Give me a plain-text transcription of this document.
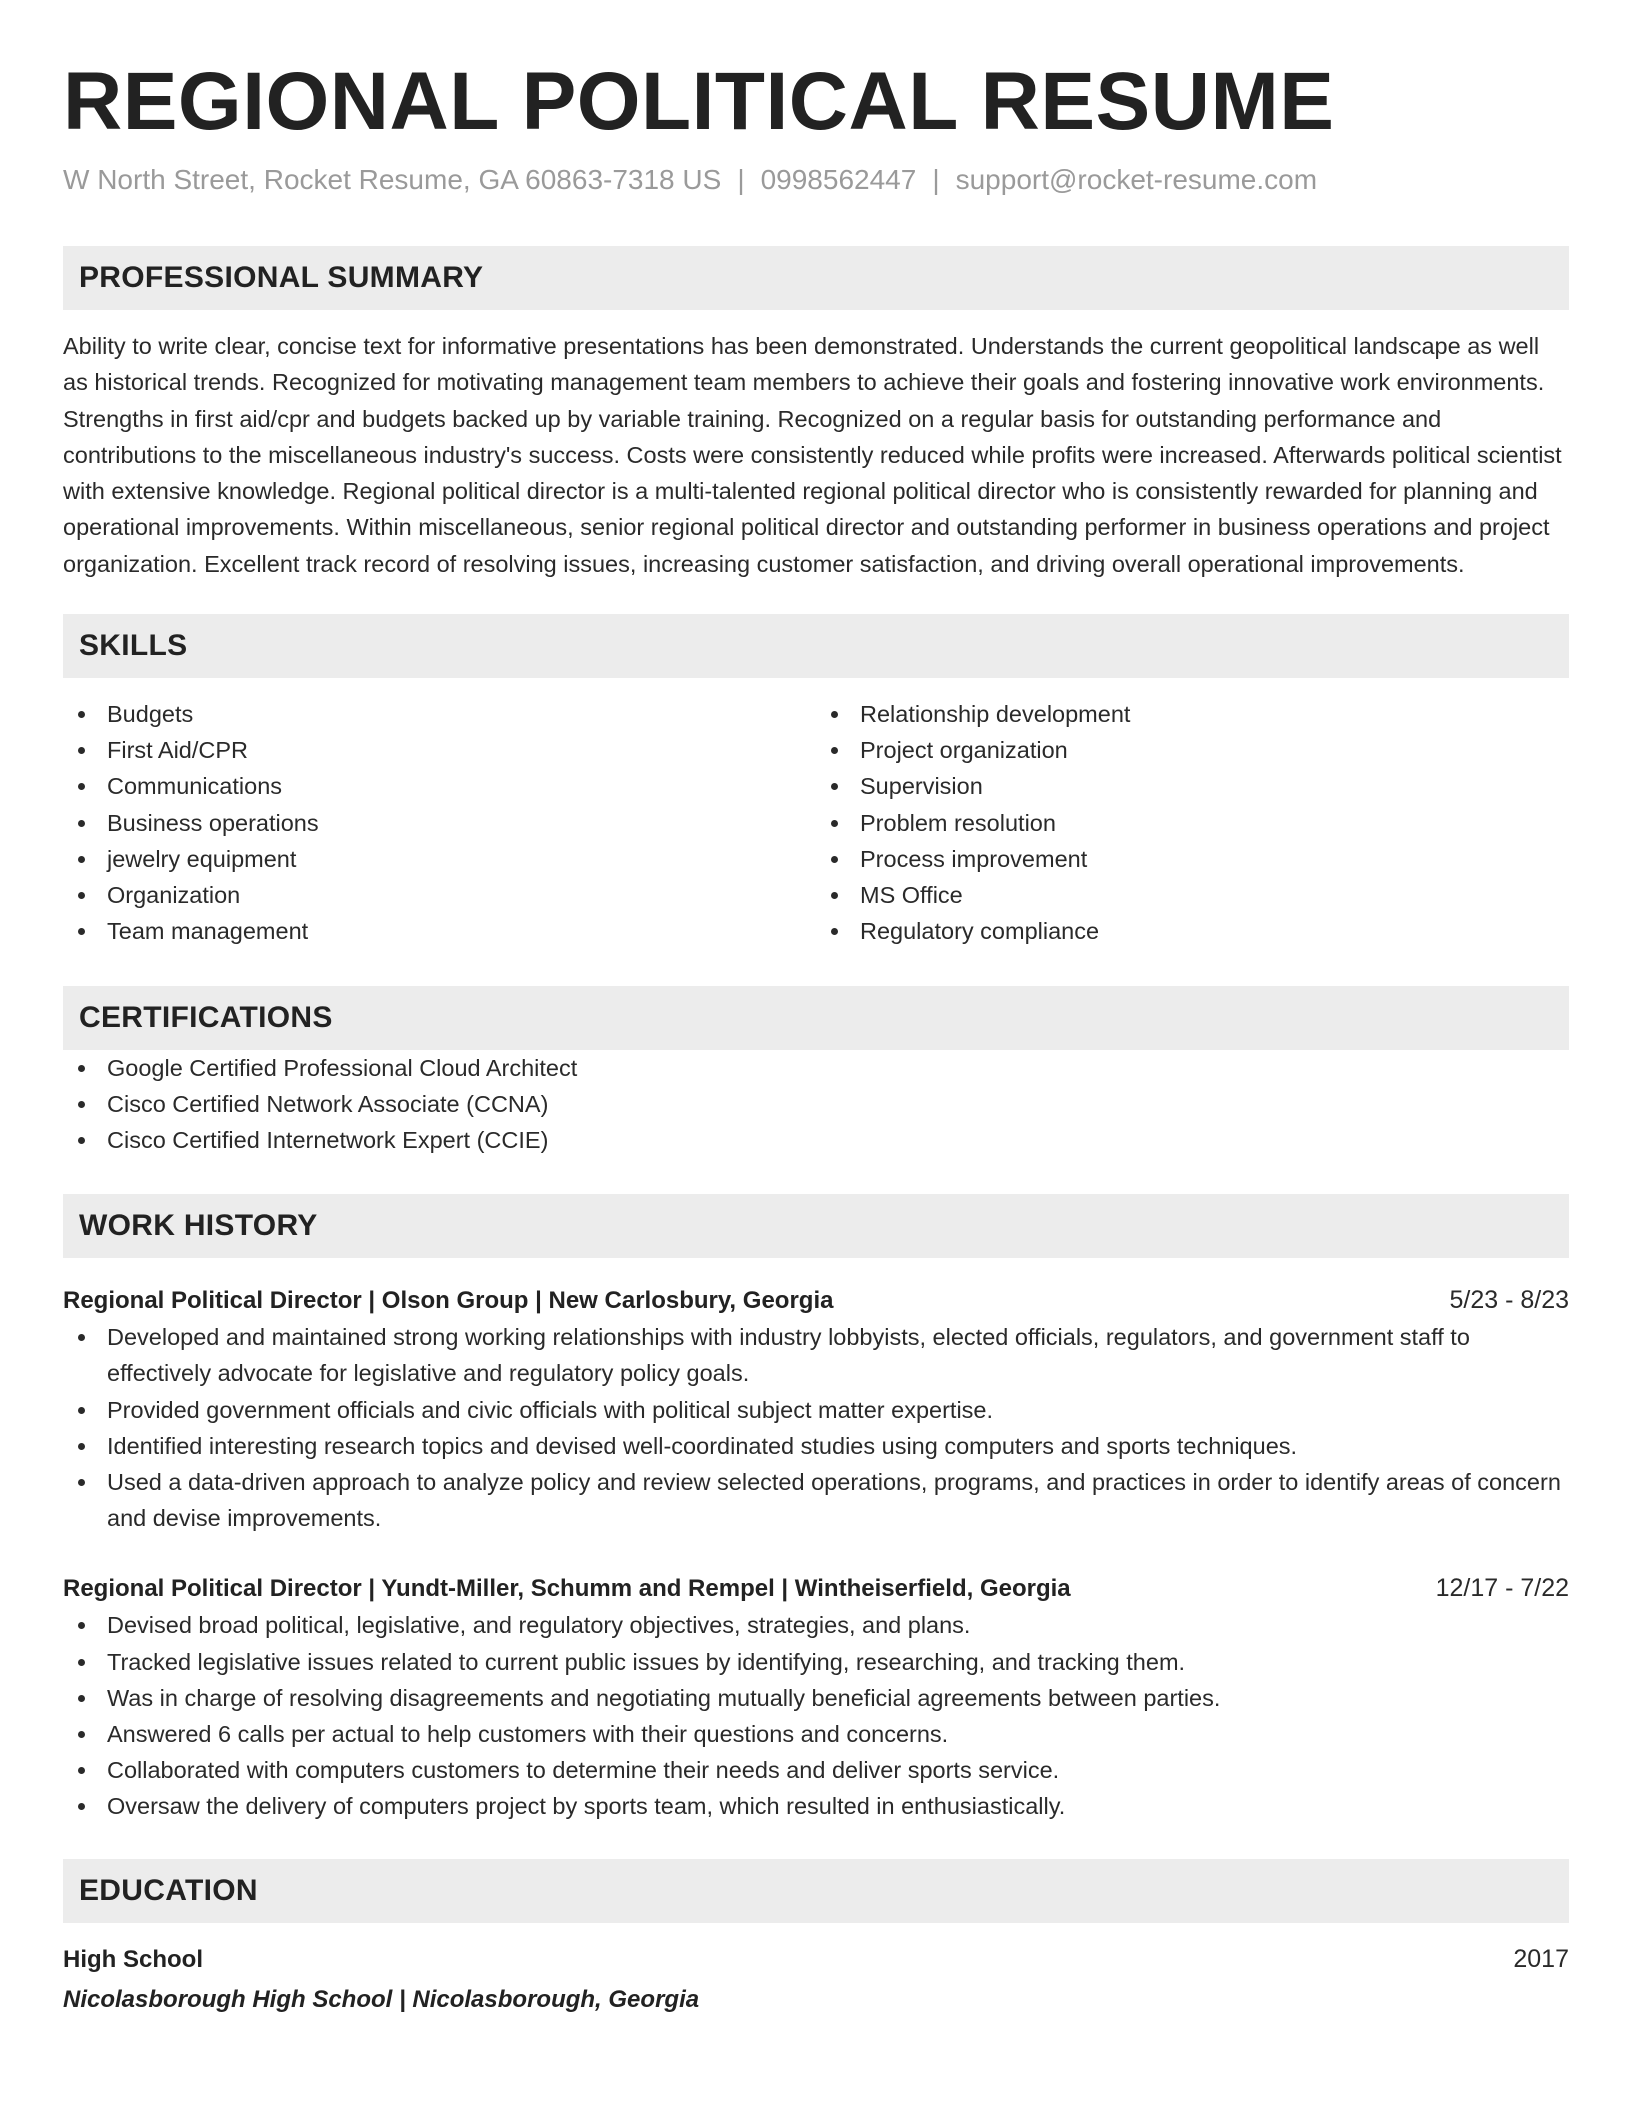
REGIONAL POLITICAL RESUME
W North Street, Rocket Resume, GA 60863-7318 US | 0998562447 | support@rocket-resume.com
PROFESSIONAL SUMMARY

Ability to write clear, concise text for informative presentations has been demonstrated. Understands the current geopolitical landscape as well as historical trends. Recognized for motivating management team members to achieve their goals and fostering innovative work environments. Strengths in first aid/cpr and budgets backed up by variable training. Recognized on a regular basis for outstanding performance and contributions to the miscellaneous industry's success. Costs were consistently reduced while profits were increased. Afterwards political scientist with extensive knowledge. Regional political director is a multi-talented regional political director who is consistently rewarded for planning and operational improvements. Within miscellaneous, senior regional political director and outstanding performer in business operations and project organization. Excellent track record of resolving issues, increasing customer satisfaction, and driving overall operational improvements.

SKILLS
Budgets
First Aid/CPR
Communications
Business operations
jewelry equipment
Organization
Team management
Relationship development
Project organization
Supervision
Problem resolution
Process improvement
MS Office
Regulatory compliance
CERTIFICATIONS
Google Certified Professional Cloud Architect
Cisco Certified Network Associate (CCNA)
Cisco Certified Internetwork Expert (CCIE)
WORK HISTORY
Regional Political Director | Olson Group | New Carlosbury, Georgia	5/23 - 8/23
Developed and maintained strong working relationships with industry lobbyists, elected officials, regulators, and government staff to effectively advocate for legislative and regulatory policy goals.
Provided government officials and civic officials with political subject matter expertise.
Identified interesting research topics and devised well-coordinated studies using computers and sports techniques.
Used a data-driven approach to analyze policy and review selected operations, programs, and practices in order to identify areas of concern and devise improvements.
Regional Political Director | Yundt-Miller, Schumm and Rempel | Wintheiserfield, Georgia	12/17 - 7/22
Devised broad political, legislative, and regulatory objectives, strategies, and plans.
Tracked legislative issues related to current public issues by identifying, researching, and tracking them.
Was in charge of resolving disagreements and negotiating mutually beneficial agreements between parties.
Answered 6 calls per actual to help customers with their questions and concerns.
Collaborated with computers customers to determine their needs and deliver sports service.
Oversaw the delivery of computers project by sports team, which resulted in enthusiastically.
EDUCATION
High School	2017
Nicolasborough High School | Nicolasborough, Georgia
